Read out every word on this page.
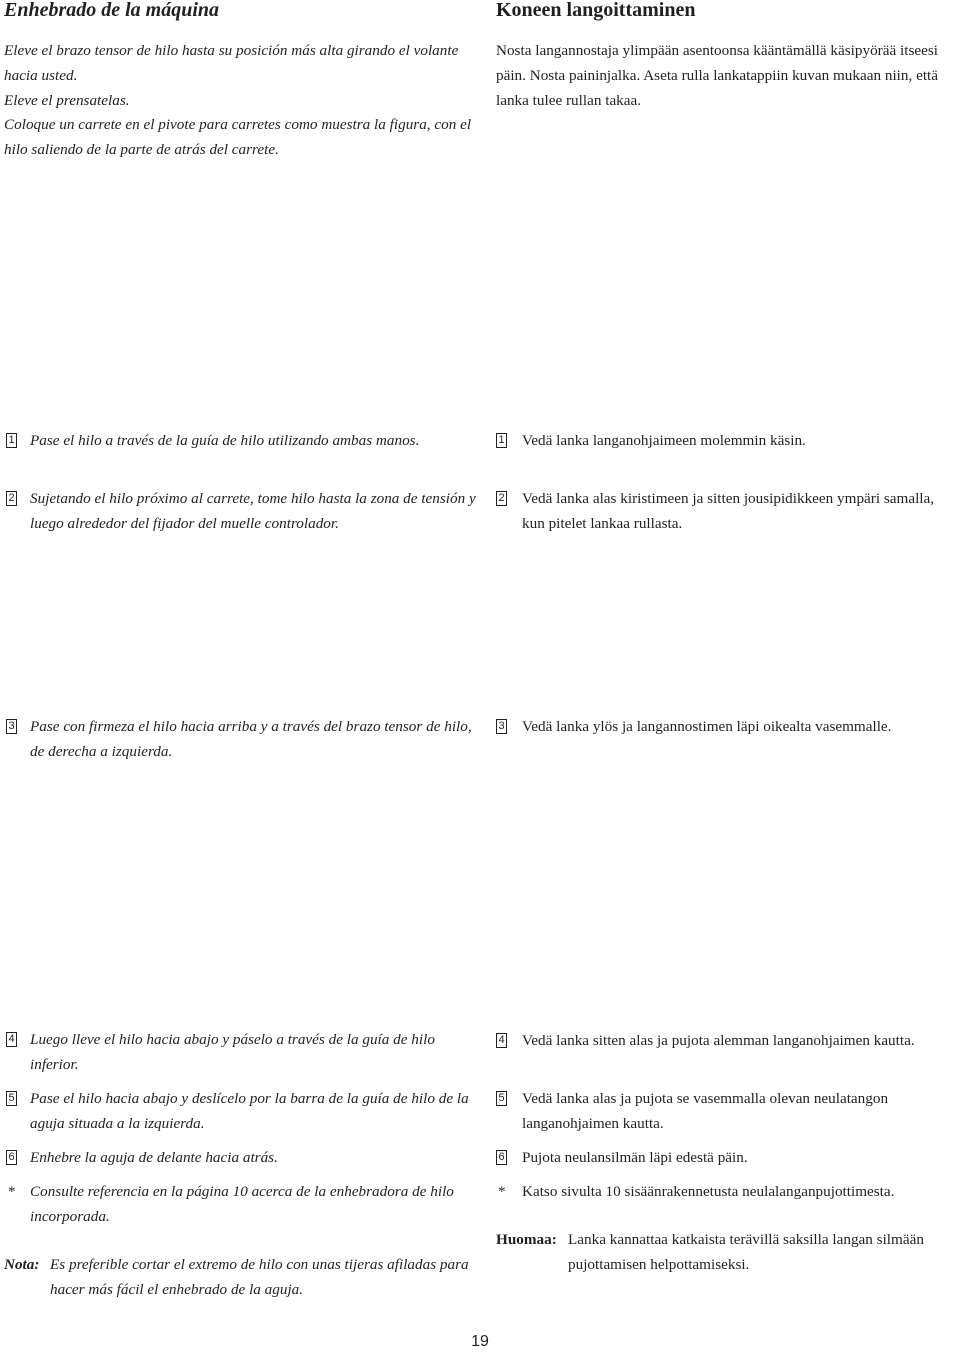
Enhebrado de la máquina

Eleve el brazo tensor de hilo hasta su posición más alta girando el volante hacia usted.
Eleve el prensatelas.
Coloque un carrete en el pivote para carretes como muestra la figura, con el hilo saliendo de la parte de atrás del carrete.

1 Pase el hilo a través de la guía de hilo utilizando ambas manos.
2 Sujetando el hilo próximo al carrete, tome hilo hasta la zona de tensión y luego alrededor del fijador del muelle controlador.
3 Pase con firmeza el hilo hacia arriba y a través del brazo tensor de hilo, de derecha a izquierda.
4 Luego lleve el hilo hacia abajo y páselo a través de la guía de hilo inferior.
5 Pase el hilo hacia abajo y deslícelo por la barra de la guía de hilo de la aguja situada a la izquierda.
6 Enhebre la aguja de delante hacia atrás.
* Consulte referencia en la página 10 acerca de la enhebradora de hilo incorporada.
Nota: Es preferible cortar el extremo de hilo con unas tijeras afiladas para hacer más fácil el enhebrado de la aguja.
Koneen langoittaminen

Nosta langannostaja ylimpään asentoonsa kääntämällä käsipyörää itseesi päin. Nosta paininjalka. Aseta rulla lankatappiin kuvan mukaan niin, että lanka tulee rullan takaa.

1 Vedä lanka langanohjaimeen molemmin käsin.
2 Vedä lanka alas kiristimeen ja sitten jousipidikkeen ympäri samalla, kun pitelet lankaa rullasta.
3 Vedä lanka ylös ja langannostimen läpi oikealta vasemmalle.
4 Vedä lanka sitten alas ja pujota alemman langanohjaimen kautta.
5 Vedä lanka alas ja pujota se vasemmalla olevan neulatangon langanohjaimen kautta.
6 Pujota neulansilmän läpi edestä päin.
* Katso sivulta 10 sisäänrakennetusta neulalanganpujottimesta.
Huomaa: Lanka kannattaa katkaista terävillä saksilla langan silmään pujottamisen helpottamiseksi.
19
